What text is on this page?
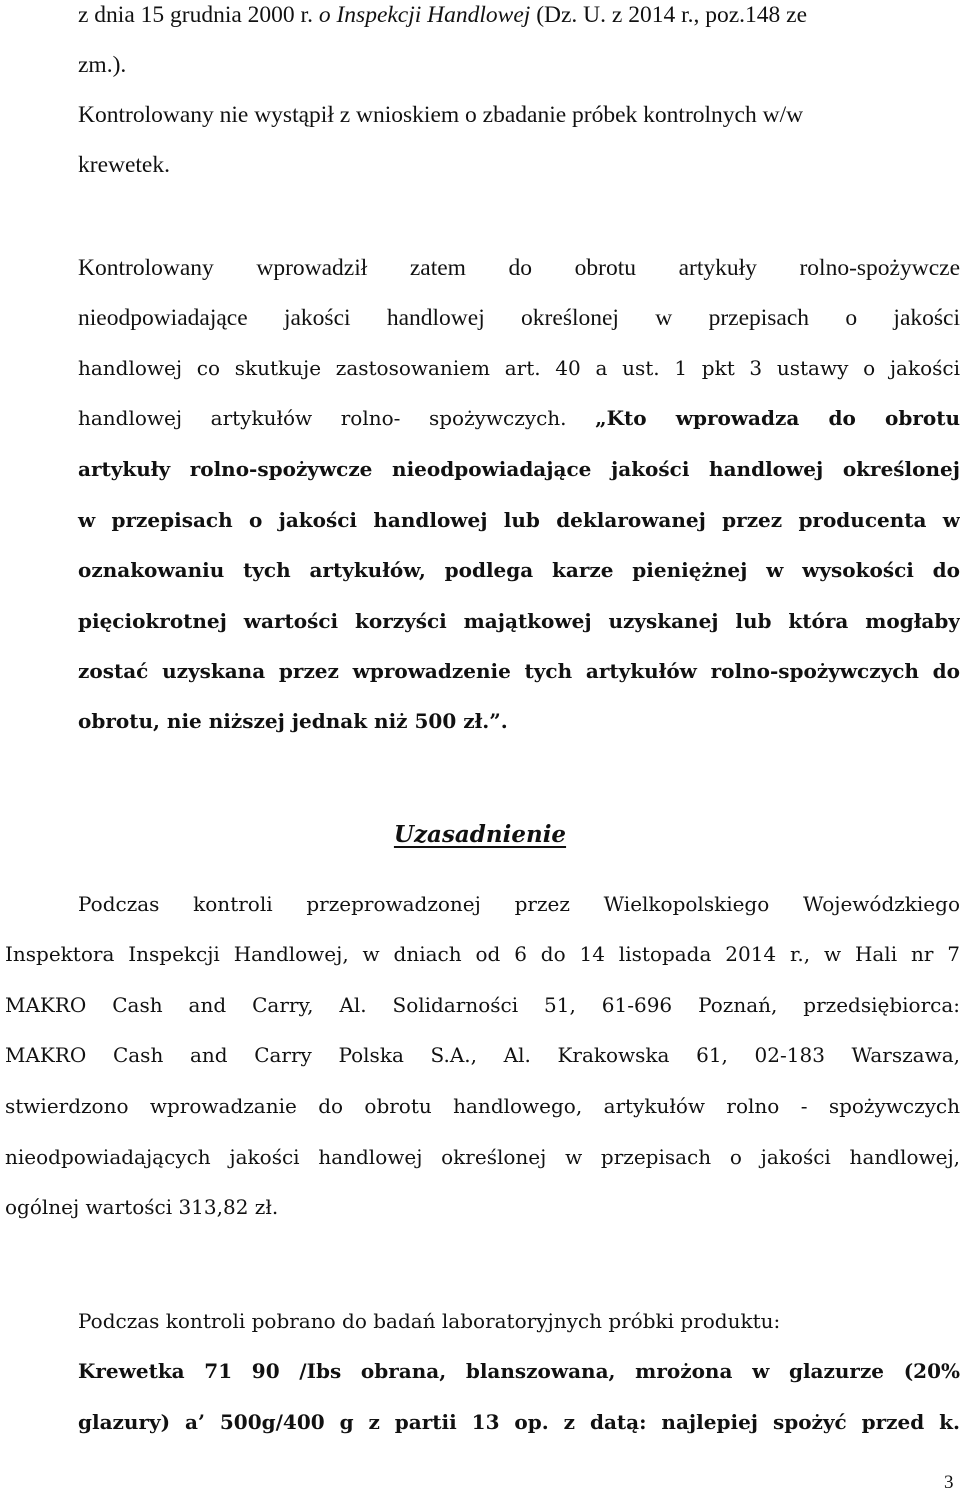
z dnia 15 grudnia 2000 r. o Inspekcji Handlowej (Dz. U. z 2014 r., poz.148 ze
zm.).
Kontrolowany nie wystąpił z wnioskiem o zbadanie próbek kontrolnych w/w
krewetek.
Kontrolowany wprowadził zatem do obrotu artykuły rolno-spożywcze
nieodpowiadające jakości handlowej określonej w przepisach o jakości
handlowej co skutkuje zastosowaniem art. 40 a ust. 1 pkt 3 ustawy o jakości
handlowej artykułów rolno- spożywczych. „Kto wprowadza do obrotu
artykuły rolno-spożywcze nieodpowiadające jakości handlowej określonej
w przepisach o jakości handlowej lub deklarowanej przez producenta w
oznakowaniu tych artykułów, podlega karze pieniężnej w wysokości do
pięciokrotnej wartości korzyści majątkowej uzyskanej lub która mogłaby
zostać uzyskana przez wprowadzenie tych artykułów rolno-spożywczych do
obrotu, nie niższej jednak niż 500 zł.”.
Uzasadnienie
Podczas kontroli przeprowadzonej przez Wielkopolskiego Wojewódzkiego
Inspektora Inspekcji Handlowej, w dniach od 6 do 14 listopada 2014 r., w Hali nr 7
MAKRO Cash and Carry, Al. Solidarności 51, 61-696 Poznań, przedsiębiorca:
MAKRO Cash and Carry Polska S.A., Al. Krakowska 61, 02-183 Warszawa,
stwierdzono wprowadzanie do obrotu handlowego, artykułów rolno - spożywczych
nieodpowiadających jakości handlowej określonej w przepisach o jakości handlowej,
ogólnej wartości 313,82 zł.
Podczas kontroli pobrano do badań laboratoryjnych próbki produktu:
Krewetka 71 90 /Ibs obrana, blanszowana, mrożona w glazurze (20%
glazury) a’ 500g/400 g z partii 13 op. z datą: najlepiej spożyć przed k.
3
